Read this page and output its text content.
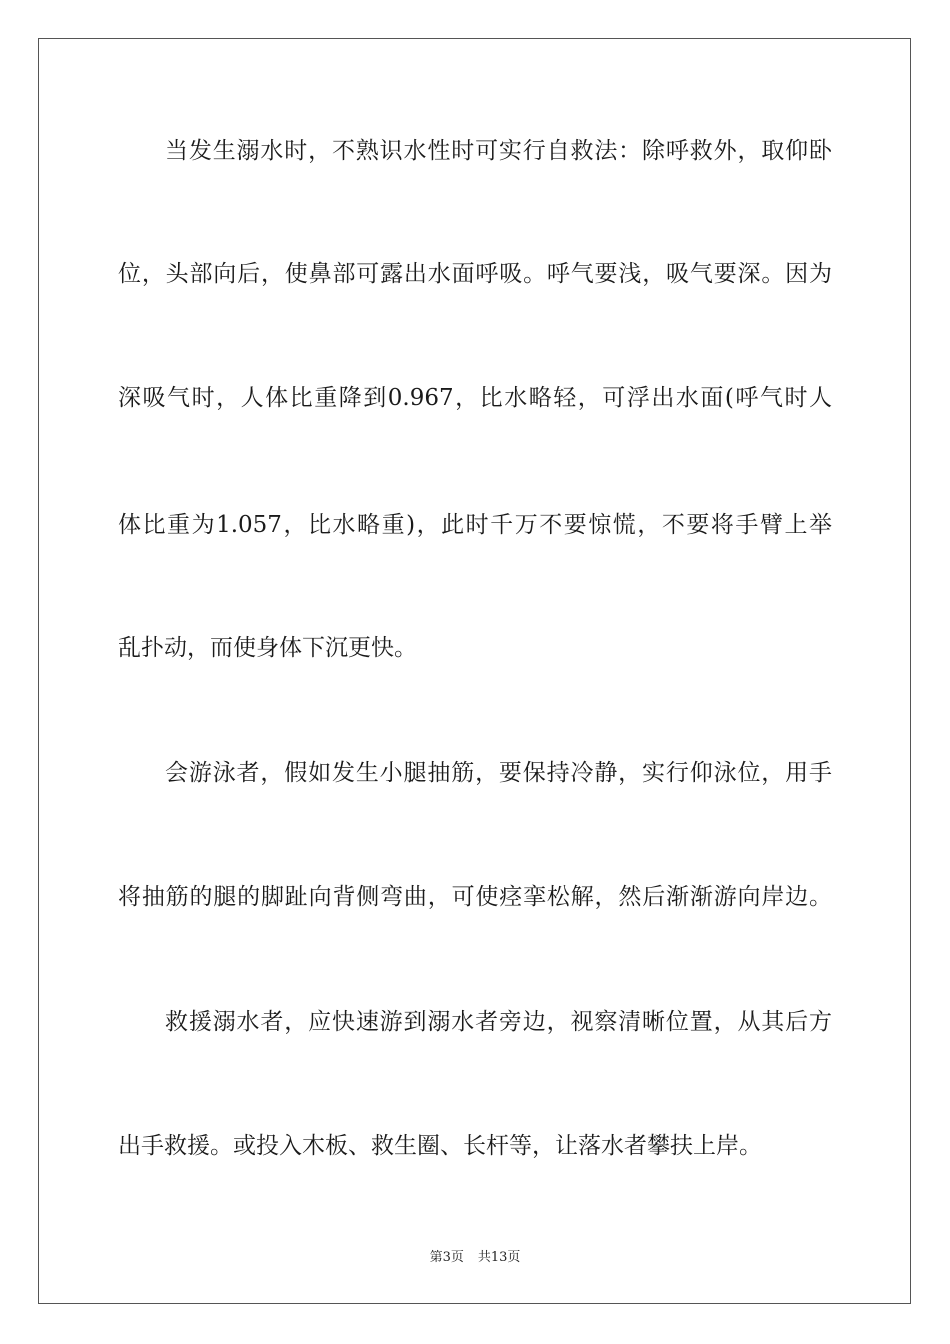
当发生溺水时，不熟识水性时可实行自救法：除呼救外，取仰卧
位，头部向后，使鼻部可露出水面呼吸。呼气要浅，吸气要深。因为
深吸气时，人体比重降到0.967，比水略轻，可浮出水面(呼气时人
体比重为1.057，比水略重)，此时千万不要惊慌，不要将手臂上举
乱扑动，而使身体下沉更快。
会游泳者，假如发生小腿抽筋，要保持冷静，实行仰泳位，用手
将抽筋的腿的脚趾向背侧弯曲，可使痉挛松解，然后渐渐游向岸边。
救援溺水者，应快速游到溺水者旁边，视察清晰位置，从其后方
出手救援。或投入木板、救生圈、长杆等，让落水者攀扶上岸。
第3页 共13页
